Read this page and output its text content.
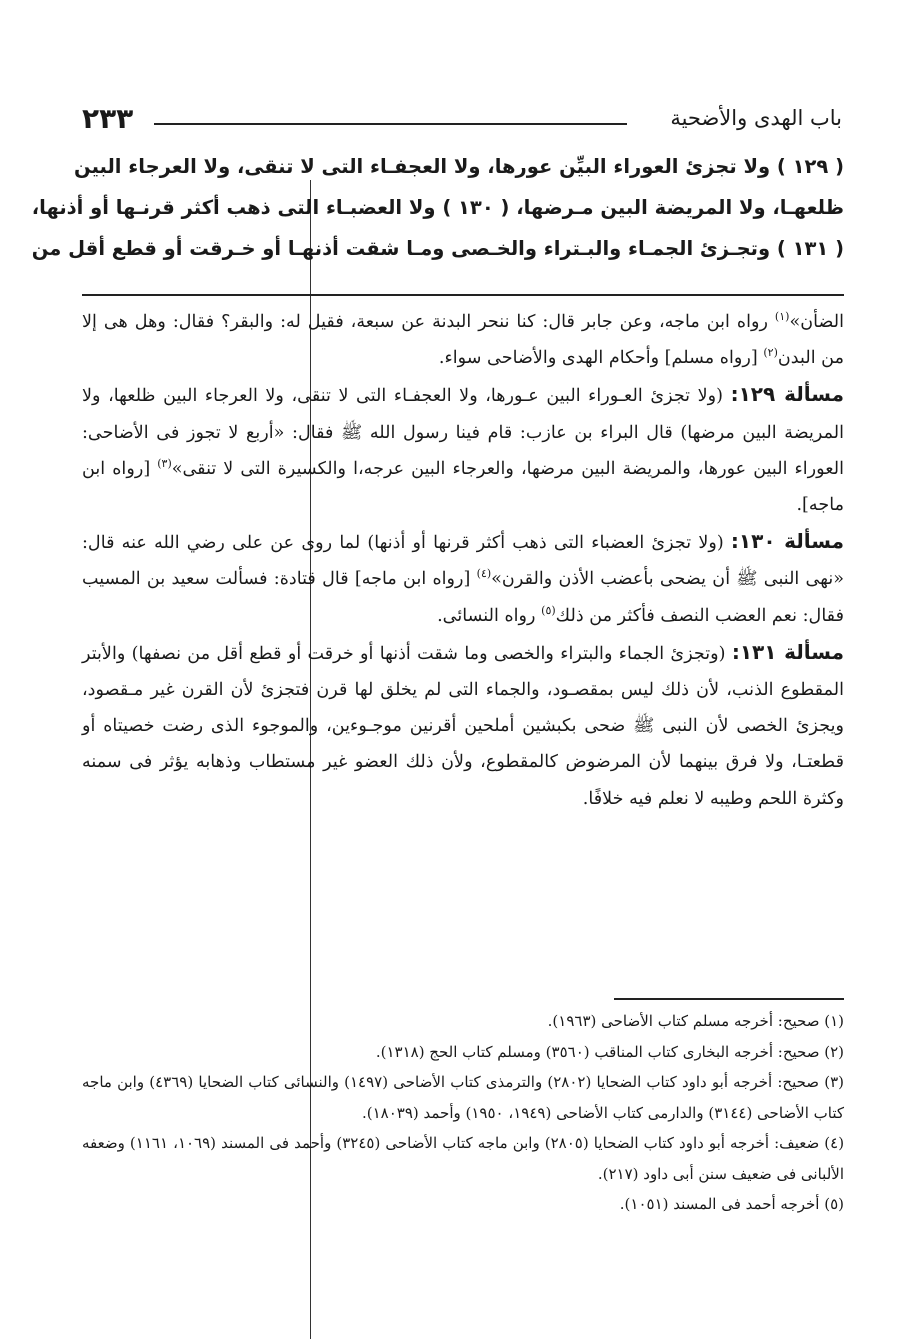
٢٣٣	باب الهدى والأضحية
( ١٢٩ ) ولا تجزئ العوراء البيِّن عورها، ولا العجفـاء التى لا تنقى، ولا العرجاء البين
ظلعهـا، ولا المريضة البين مـرضها، ( ١٣٠ ) ولا العضبـاء التى ذهب أكثر قرنـها أو أذنها،
( ١٣١ ) وتجـزئ الجمـاء والبـتراء والخـصى ومـا شقت أذنهـا أو خـرقت أو قطع أقل من

الضأن»$^{(١)}$ رواه ابن ماجه، وعن جابر قال: كنا ننحر البدنة عن سبعة، فقيل له: والبقر؟ فقال: وهل هى إلا من البدن$^{(٢)}$ [رواه مسلم] وأحكام الهدى والأضاحى سواء.

مسألة ١٢٩: (ولا تجزئ العـوراء البين عـورها، ولا العجفـاء التى لا تنقى، ولا العرجاء البين ظلعها، ولا المريضة البين مرضها) قال البراء بن عازب: قام فينا رسول الله ﷺ فقال: «أربع لا تجوز فى الأضاحى: العوراء البين عورها، والمريضة البين مرضها، والعرجاء البين عرجه،ا والكسيرة التى لا تنقى»$^{(٣)}$ [رواه ابن ماجه].

مسألة ١٣٠: (ولا تجزئ العضباء التى ذهب أكثر قرنها أو أذنها) لما روى عن على رضي الله عنه قال: «نهى النبى ﷺ أن يضحى بأعضب الأذن والقرن»$^{(٤)}$ [رواه ابن ماجه] قال قتادة: فسألت سعيد بن المسيب فقال: نعم العضب النصف فأكثر من ذلك$^{(٥)}$ رواه النسائى.

مسألة ١٣١: (وتجزئ الجماء والبتراء والخصى وما شقت أذنها أو خرقت أو قطع أقل من نصفها) والأبتر المقطوع الذنب، لأن ذلك ليس بمقصـود، والجماء التى لم يخلق لها قرن فتجزئ لأن القرن غير مـقصود، ويجزئ الخصى لأن النبى ﷺ ضحى بكبشين أملحين أقرنين موجـوءين، والموجوء الذى رضت خصيتاه أو قطعتـا، ولا فرق بينهما لأن المرضوض كالمقطوع، ولأن ذلك العضو غير مستطاب وذهابه يؤثر فى سمنه وكثرة اللحم وطيبه لا نعلم فيه خلافًا.

(١) صحيح: أخرجه مسلم كتاب الأضاحى (١٩٦٣).

(٢) صحيح: أخرجه البخارى كتاب المناقب (٣٥٦٠) ومسلم كتاب الحج (١٣١٨).

(٣) صحيح: أخرجه أبو داود كتاب الضحايا (٢٨٠٢) والترمذى كتاب الأضاحى (١٤٩٧) والنسائى كتاب الضحايا (٤٣٦٩) وابن ماجه كتاب الأضاحى (٣١٤٤) والدارمى كتاب الأضاحى (١٩٤٩، ١٩٥٠) وأحمد (١٨٠٣٩).

(٤) ضعيف: أخرجه أبو داود كتاب الضحايا (٢٨٠٥) وابن ماجه كتاب الأضاحى (٣٢٤٥) وأحمد فى المسند (١٠٦٩، ١١٦١) وضعفه الألبانى فى ضعيف سنن أبى داود (٢١٧).

(٥) أخرجه أحمد فى المسند (١٠٥١).
